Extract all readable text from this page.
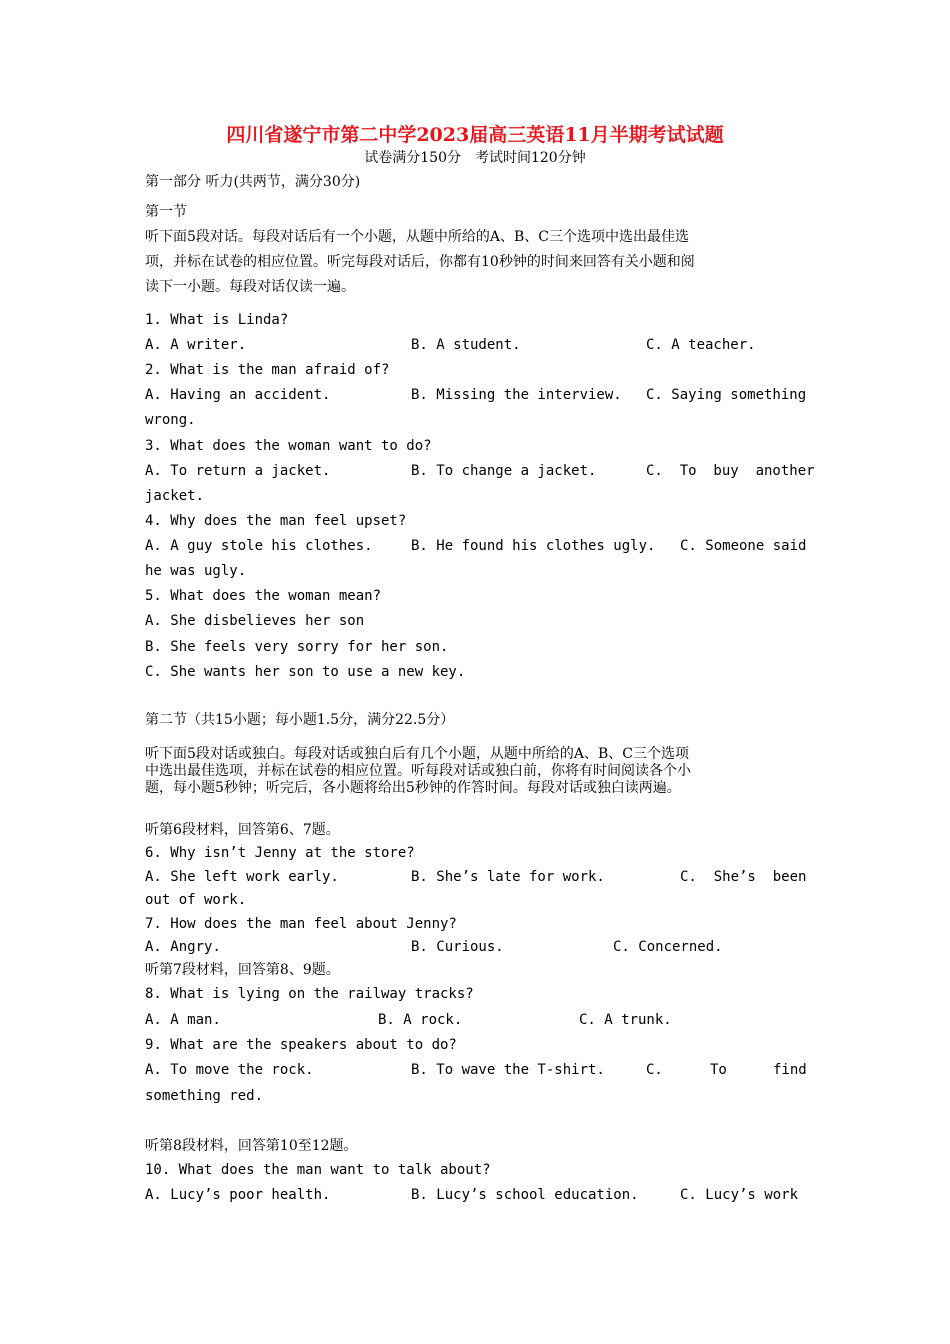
四川省遂宁市第二中学2023届高三英语11月半期考试试题
试卷满分150分　考试时间120分钟
第一部分 听力(共两节，满分30分)
第一节
听下面5段对话。每段对话后有一个小题，从题中所给的A、B、C三个选项中选出最佳选
项，并标在试卷的相应位置。听完每段对话后，你都有10秒钟的时间来回答有关小题和阅
读下一小题。每段对话仅读一遍。
1. What is Linda?

A. A writer.

	B. A student.

	C. A teacher.

2. What is the man afraid of?

A. Having an accident.

	B. Missing the interview.

C. Saying something

wrong.
3. What does the woman want to do?

A. To return a jacket.

	B. To change a jacket.

	C.  To  buy  another

jacket.
4. Why does the man feel upset?

A. A guy stole his clothes.

	B. He found his clothes ugly.

C. Someone said

he was ugly.
5. What does the woman mean?
A. She disbelieves her son
B. She feels very sorry for her son.
C. She wants her son to use a new key.
第二节（共15小题；每小题1.5分，满分22.5分）
听下面5段对话或独白。每段对话或独白后有几个小题，从题中所给的A、B、C三个选项
中选出最佳选项，并标在试卷的相应位置。听每段对话或独白前，你将有时间阅读各个小
题，每小题5秒钟；听完后，各小题将给出5秒钟的作答时间。每段对话或独白读两遍。
听第6段材料，回答第6、7题。
6. Why isn’t Jenny at the store?

A. She left work early.

	B. She’s late for work.

	C.  She’s  been

out of work.
7. How does the man feel about Jenny?

A. Angry.

	B. Curious.

	C. Concerned.

听第7段材料，回答第8、9题。
8. What is lying on the railway tracks?

A. A man.

	B. A rock.

	C. A trunk.

9. What are the speakers about to do?

A. To move the rock.

	B. To wave the T-shirt.

	C.

	To

	find

something red.
听第8段材料，回答第10至12题。
10. What does the man want to talk about?

A. Lucy’s poor health.

	B. Lucy’s school education.

	C. Lucy’s work
